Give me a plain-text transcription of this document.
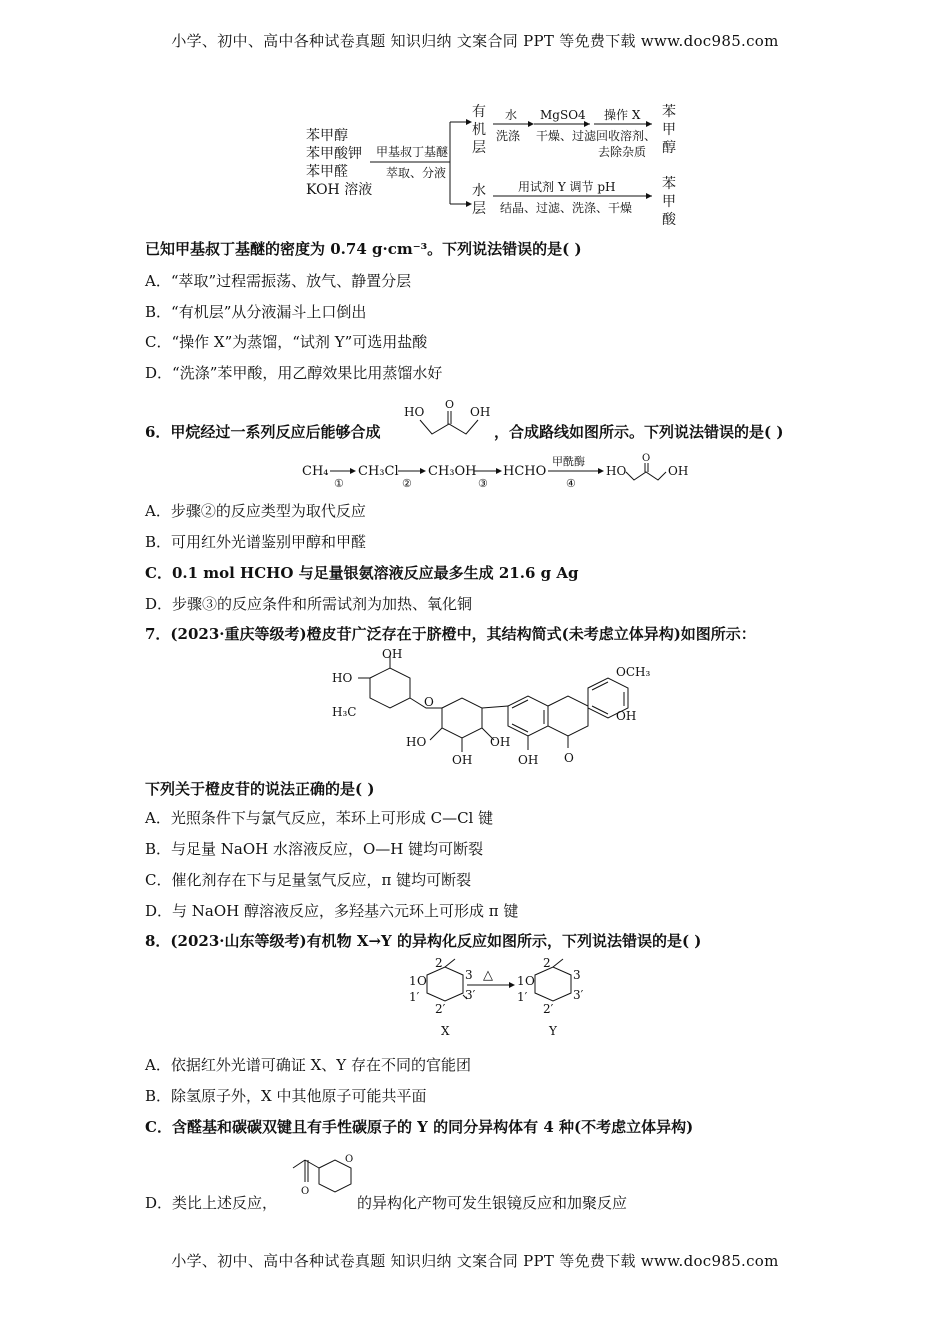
小学、初中、高中各种试卷真题 知识归纳 文案合同 PPT 等免费下载 www.doc985.com
苯甲醇
苯甲酸钾
苯甲醛
KOH 溶液
甲基叔丁基醚
萃取、分液
有
机
层
水
层
水
洗涤
MgSO4
干燥、过滤
操作 X
回收溶剂、
去除杂质
苯
甲
醇
用试剂 Y 调节 pH
结晶、过滤、洗涤、干燥
苯
甲
酸
已知甲基叔丁基醚的密度为 0.74 g·cm⁻³。下列说法错误的是( )
A．“萃取”过程需振荡、放气、静置分层
B．“有机层”从分液漏斗上口倒出
C．“操作 X”为蒸馏，“试剂 Y”可选用盐酸
D．“洗涤”苯甲酸，用乙醇效果比用蒸馏水好
6．甲烷经过一系列反应后能够合成
HO	OH
O
，合成路线如图所示。下列说法错误的是( )
CH₄
①
CH₃Cl
②
CH₃OH
③
HCHO
甲酰酶
④
HO	OH
O
A．步骤②的反应类型为取代反应
B．可用红外光谱鉴别甲醇和甲醛
C．0.1 mol HCHO 与足量银氨溶液反应最多生成 21.6 g Ag
D．步骤③的反应条件和所需试剂为加热、氧化铜
7．(2023·重庆等级考)橙皮苷广泛存在于脐橙中，其结构简式(未考虑立体异构)如图所示：
OH
HO
H₃C
O
HO	OH
OH	OH O
OCH₃
OH
下列关于橙皮苷的说法正确的是( )
A．光照条件下与氯气反应，苯环上可形成 C—Cl 键
B．与足量 NaOH 水溶液反应，O—H 键均可断裂
C．催化剂存在下与足量氢气反应，π 键均可断裂
D．与 NaOH 醇溶液反应，多羟基六元环上可形成 π 键
8．(2023·山东等级考)有机物 X→Y 的异构化反应如图所示，下列说法错误的是( )
△
1 O
2
3
1′	3′
2′
X
1 O
2
3
1′	3′
2′
Y
A．依据红外光谱可确证 X、Y 存在不同的官能团
B．除氢原子外，X 中其他原子可能共平面
C．含醛基和碳碳双键且有手性碳原子的 Y 的同分异构体有 4 种(不考虑立体异构)
D．类比上述反应，
O
O
的异构化产物可发生银镜反应和加聚反应
小学、初中、高中各种试卷真题 知识归纳 文案合同 PPT 等免费下载 www.doc985.com
